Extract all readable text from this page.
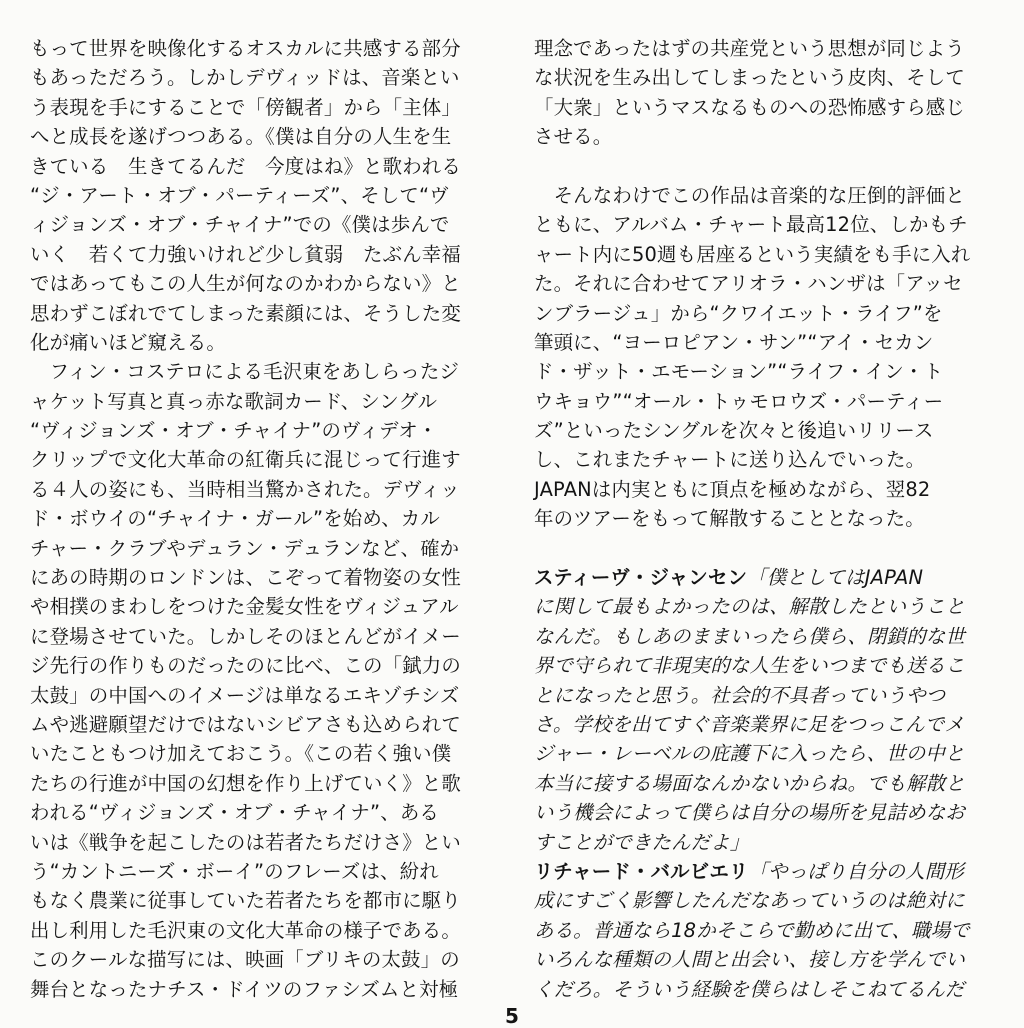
もって世界を映像化するオスカルに共感する部分
もあっただろう。しかしデヴィッドは、音楽とい
う表現を手にすることで「傍観者」から「主体」
へと成長を遂げつつある。《僕は自分の人生を生
きている　生きてるんだ　今度はね》と歌われる
“ジ・アート・オブ・パーティーズ”、そして“ヴ
ィジョンズ・オブ・チャイナ”での《僕は歩んで
いく　若くて力強いけれど少し貧弱　たぶん幸福
ではあってもこの人生が何なのかわからない》と
思わずこぼれでてしまった素顔には、そうした変
化が痛いほど窺える。
　フィン・コステロによる毛沢東をあしらったジ
ャケット写真と真っ赤な歌詞カード、シングル
“ヴィジョンズ・オブ・チャイナ”のヴィデオ・
クリップで文化大革命の紅衛兵に混じって行進す
る４人の姿にも、当時相当驚かされた。デヴィッ
ド・ボウイの“チャイナ・ガール”を始め、カル
チャー・クラブやデュラン・デュランなど、確か
にあの時期のロンドンは、こぞって着物姿の女性
や相撲のまわしをつけた金髪女性をヴィジュアル
に登場させていた。しかしそのほとんどがイメー
ジ先行の作りものだったのに比べ、この「錻力の
太鼓」の中国へのイメージは単なるエキゾチシズ
ムや逃避願望だけではないシビアさも込められて
いたこともつけ加えておこう。《この若く強い僕
たちの行進が中国の幻想を作り上げていく》と歌
われる“ヴィジョンズ・オブ・チャイナ”、ある
いは《戦争を起こしたのは若者たちだけさ》とい
う“カントニーズ・ボーイ”のフレーズは、紛れ
もなく農業に従事していた若者たちを都市に駆り
出し利用した毛沢東の文化大革命の様子である。
このクールな描写には、映画「ブリキの太鼓」の
舞台となったナチス・ドイツのファシズムと対極
理念であったはずの共産党という思想が同じよう
な状況を生み出してしまったという皮肉、そして
「大衆」というマスなるものへの恐怖感すら感じ
させる。
　そんなわけでこの作品は音楽的な圧倒的評価と
ともに、アルバム・チャート最高12位、しかもチ
ャート内に50週も居座るという実績をも手に入れ
た。それに合わせてアリオラ・ハンザは「アッセ
ンブラージュ」から“クワイエット・ライフ”を
筆頭に、“ヨーロピアン・サン”“アイ・セカン
ド・ザット・エモーション”“ライフ・イン・ト
ウキョウ”“オール・トゥモロウズ・パーティー
ズ”といったシングルを次々と後追いリリース
し、これまたチャートに送り込んでいった。
JAPANは内実ともに頂点を極めながら、翌82
年のツアーをもって解散することとなった。
スティーヴ・ジャンセン「僕としてはJAPAN
に関して最もよかったのは、解散したということ
なんだ。もしあのままいったら僕ら、閉鎖的な世
界で守られて非現実的な人生をいつまでも送るこ
とになったと思う。社会的不具者っていうやつ
さ。学校を出てすぐ音楽業界に足をつっこんでメ
ジャー・レーベルの庇護下に入ったら、世の中と
本当に接する場面なんかないからね。でも解散と
いう機会によって僕らは自分の場所を見詰めなお
すことができたんだよ」
リチャード・バルビエリ「やっぱり自分の人間形
成にすごく影響したんだなあっていうのは絶対に
ある。普通なら18かそこらで勤めに出て、職場で
いろんな種類の人間と出会い、接し方を学んでい
くだろ。そういう経験を僕らはしそこねてるんだ
5
